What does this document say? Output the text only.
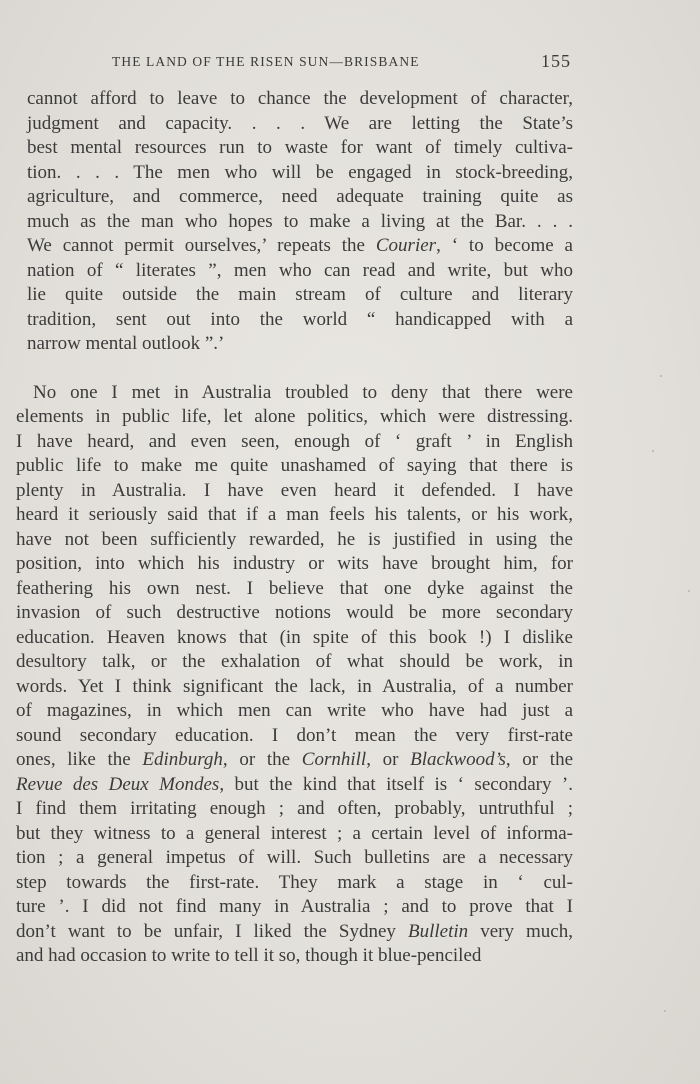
THE LAND OF THE RISEN SUN—BRISBANE	155
cannot afford to leave to chance the development of character,
judgment and capacity. . . . We are letting the State’s
best mental resources run to waste for want of timely cultiva-
tion. . . . The men who will be engaged in stock-breeding,
agriculture, and commerce, need adequate training quite as
much as the man who hopes to make a living at the Bar. . . .
We cannot permit ourselves,’ repeats the Courier, ‘ to become a
nation of “ literates ”, men who can read and write, but who
lie quite outside the main stream of culture and literary
tradition, sent out into the world “ handicapped with a
narrow mental outlook ”.’
No one I met in Australia troubled to deny that there were
elements in public life, let alone politics, which were distressing.
I have heard, and even seen, enough of ‘ graft ’ in English
public life to make me quite unashamed of saying that there is
plenty in Australia. I have even heard it defended. I have
heard it seriously said that if a man feels his talents, or his work,
have not been sufficiently rewarded, he is justified in using the
position, into which his industry or wits have brought him, for
feathering his own nest. I believe that one dyke against the
invasion of such destructive notions would be more secondary
education. Heaven knows that (in spite of this book !) I dislike
desultory talk, or the exhalation of what should be work, in
words. Yet I think significant the lack, in Australia, of a number
of magazines, in which men can write who have had just a
sound secondary education. I don’t mean the very first-rate
ones, like the Edinburgh, or the Cornhill, or Blackwood’s, or the
Revue des Deux Mondes, but the kind that itself is ‘ secondary ’.
I find them irritating enough ; and often, probably, untruthful ;
but they witness to a general interest ; a certain level of informa-
tion ; a general impetus of will. Such bulletins are a necessary
step towards the first-rate. They mark a stage in ‘ cul-
ture ’. I did not find many in Australia ; and to prove that I
don’t want to be unfair, I liked the Sydney Bulletin very much,
and had occasion to write to tell it so, though it blue-penciled
